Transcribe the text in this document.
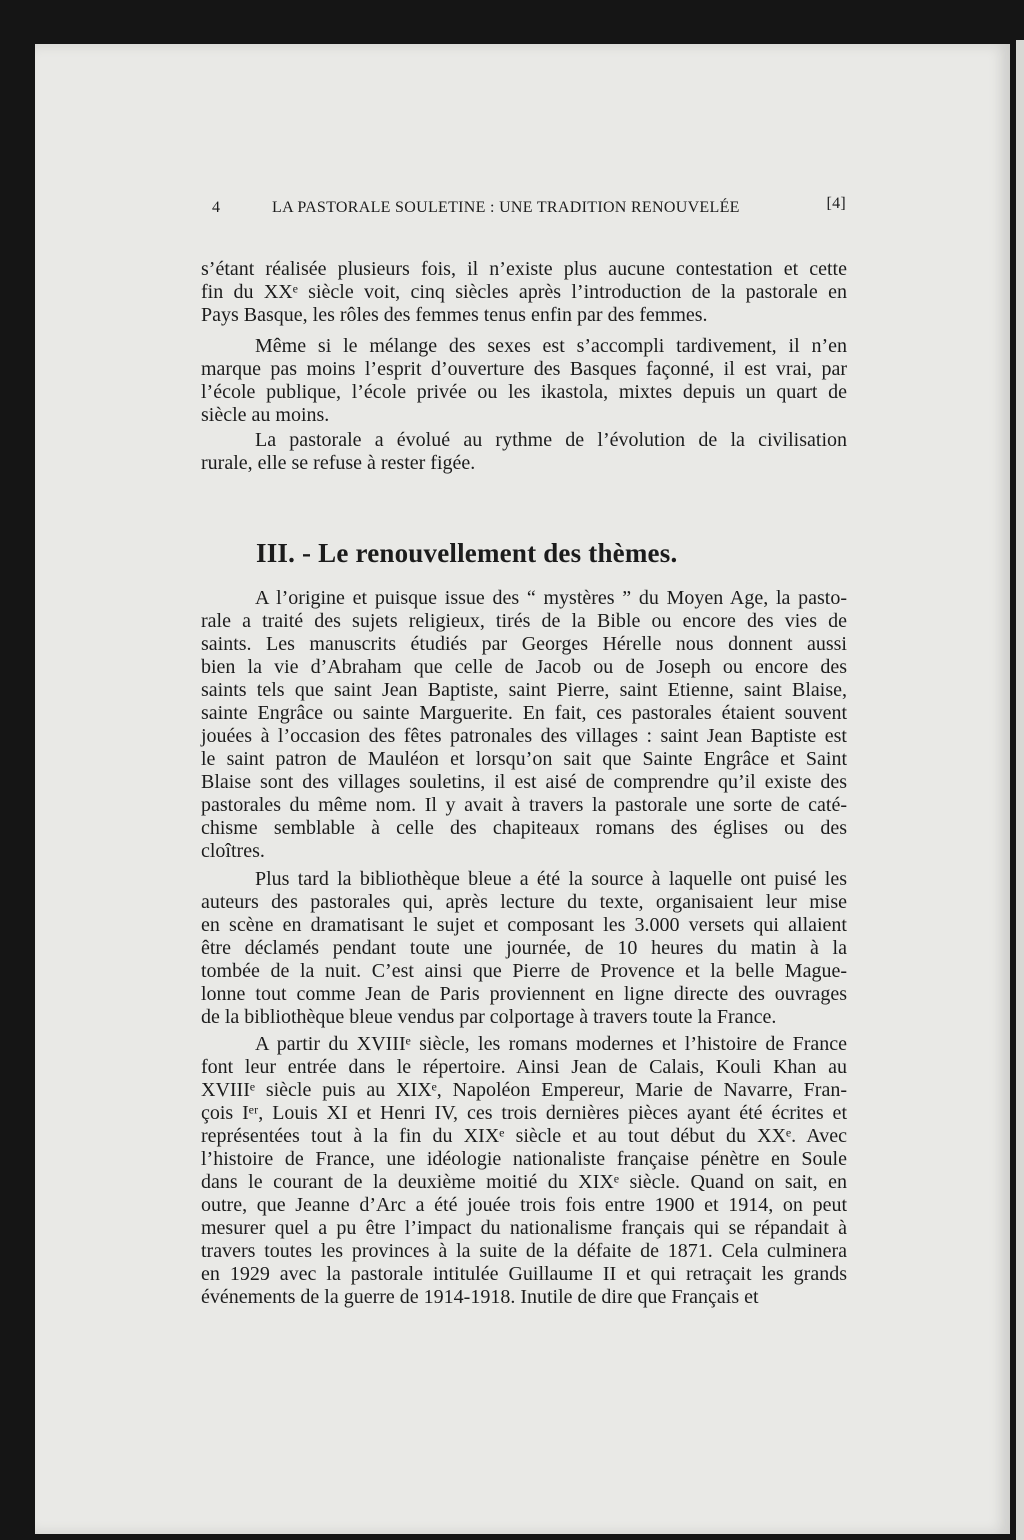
4	LA PASTORALE SOULETINE : UNE TRADITION RENOUVELÉE	[4]
s’étant réalisée plusieurs fois, il n’existe plus aucune contestation et cette
fin du XXᵉ siècle voit, cinq siècles après l’introduction de la pastorale en
Pays Basque, les rôles des femmes tenus enfin par des femmes.
Même si le mélange des sexes est s’accompli tardivement, il n’en
marque pas moins l’esprit d’ouverture des Basques façonné, il est vrai, par
l’école publique, l’école privée ou les ikastola, mixtes depuis un quart de
siècle au moins.
La pastorale a évolué au rythme de l’évolution de la civilisation
rurale, elle se refuse à rester figée.
III. - Le renouvellement des thèmes.
A l’origine et puisque issue des “ mystères ” du Moyen Age, la pasto-
rale a traité des sujets religieux, tirés de la Bible ou encore des vies de
saints. Les manuscrits étudiés par Georges Hérelle nous donnent aussi
bien la vie d’Abraham que celle de Jacob ou de Joseph ou encore des
saints tels que saint Jean Baptiste, saint Pierre, saint Etienne, saint Blaise,
sainte Engrâce ou sainte Marguerite. En fait, ces pastorales étaient souvent
jouées à l’occasion des fêtes patronales des villages : saint Jean Baptiste est
le saint patron de Mauléon et lorsqu’on sait que Sainte Engrâce et Saint
Blaise sont des villages souletins, il est aisé de comprendre qu’il existe des
pastorales du même nom. Il y avait à travers la pastorale une sorte de caté-
chisme semblable à celle des chapiteaux romans des églises ou des
cloîtres.
Plus tard la bibliothèque bleue a été la source à laquelle ont puisé les
auteurs des pastorales qui, après lecture du texte, organisaient leur mise
en scène en dramatisant le sujet et composant les 3.000 versets qui allaient
être déclamés pendant toute une journée, de 10 heures du matin à la
tombée de la nuit. C’est ainsi que Pierre de Provence et la belle Mague-
lonne tout comme Jean de Paris proviennent en ligne directe des ouvrages
de la bibliothèque bleue vendus par colportage à travers toute la France.
A partir du XVIIIᵉ siècle, les romans modernes et l’histoire de France
font leur entrée dans le répertoire. Ainsi Jean de Calais, Kouli Khan au
XVIIIᵉ siècle puis au XIXᵉ, Napoléon Empereur, Marie de Navarre, Fran-
çois Iᵉʳ, Louis XI et Henri IV, ces trois dernières pièces ayant été écrites et
représentées tout à la fin du XIXᵉ siècle et au tout début du XXᵉ. Avec
l’histoire de France, une idéologie nationaliste française pénètre en Soule
dans le courant de la deuxième moitié du XIXᵉ siècle. Quand on sait, en
outre, que Jeanne d’Arc a été jouée trois fois entre 1900 et 1914, on peut
mesurer quel a pu être l’impact du nationalisme français qui se répandait à
travers toutes les provinces à la suite de la défaite de 1871. Cela culminera
en 1929 avec la pastorale intitulée Guillaume II et qui retraçait les grands
événements de la guerre de 1914-1918. Inutile de dire que Français et
